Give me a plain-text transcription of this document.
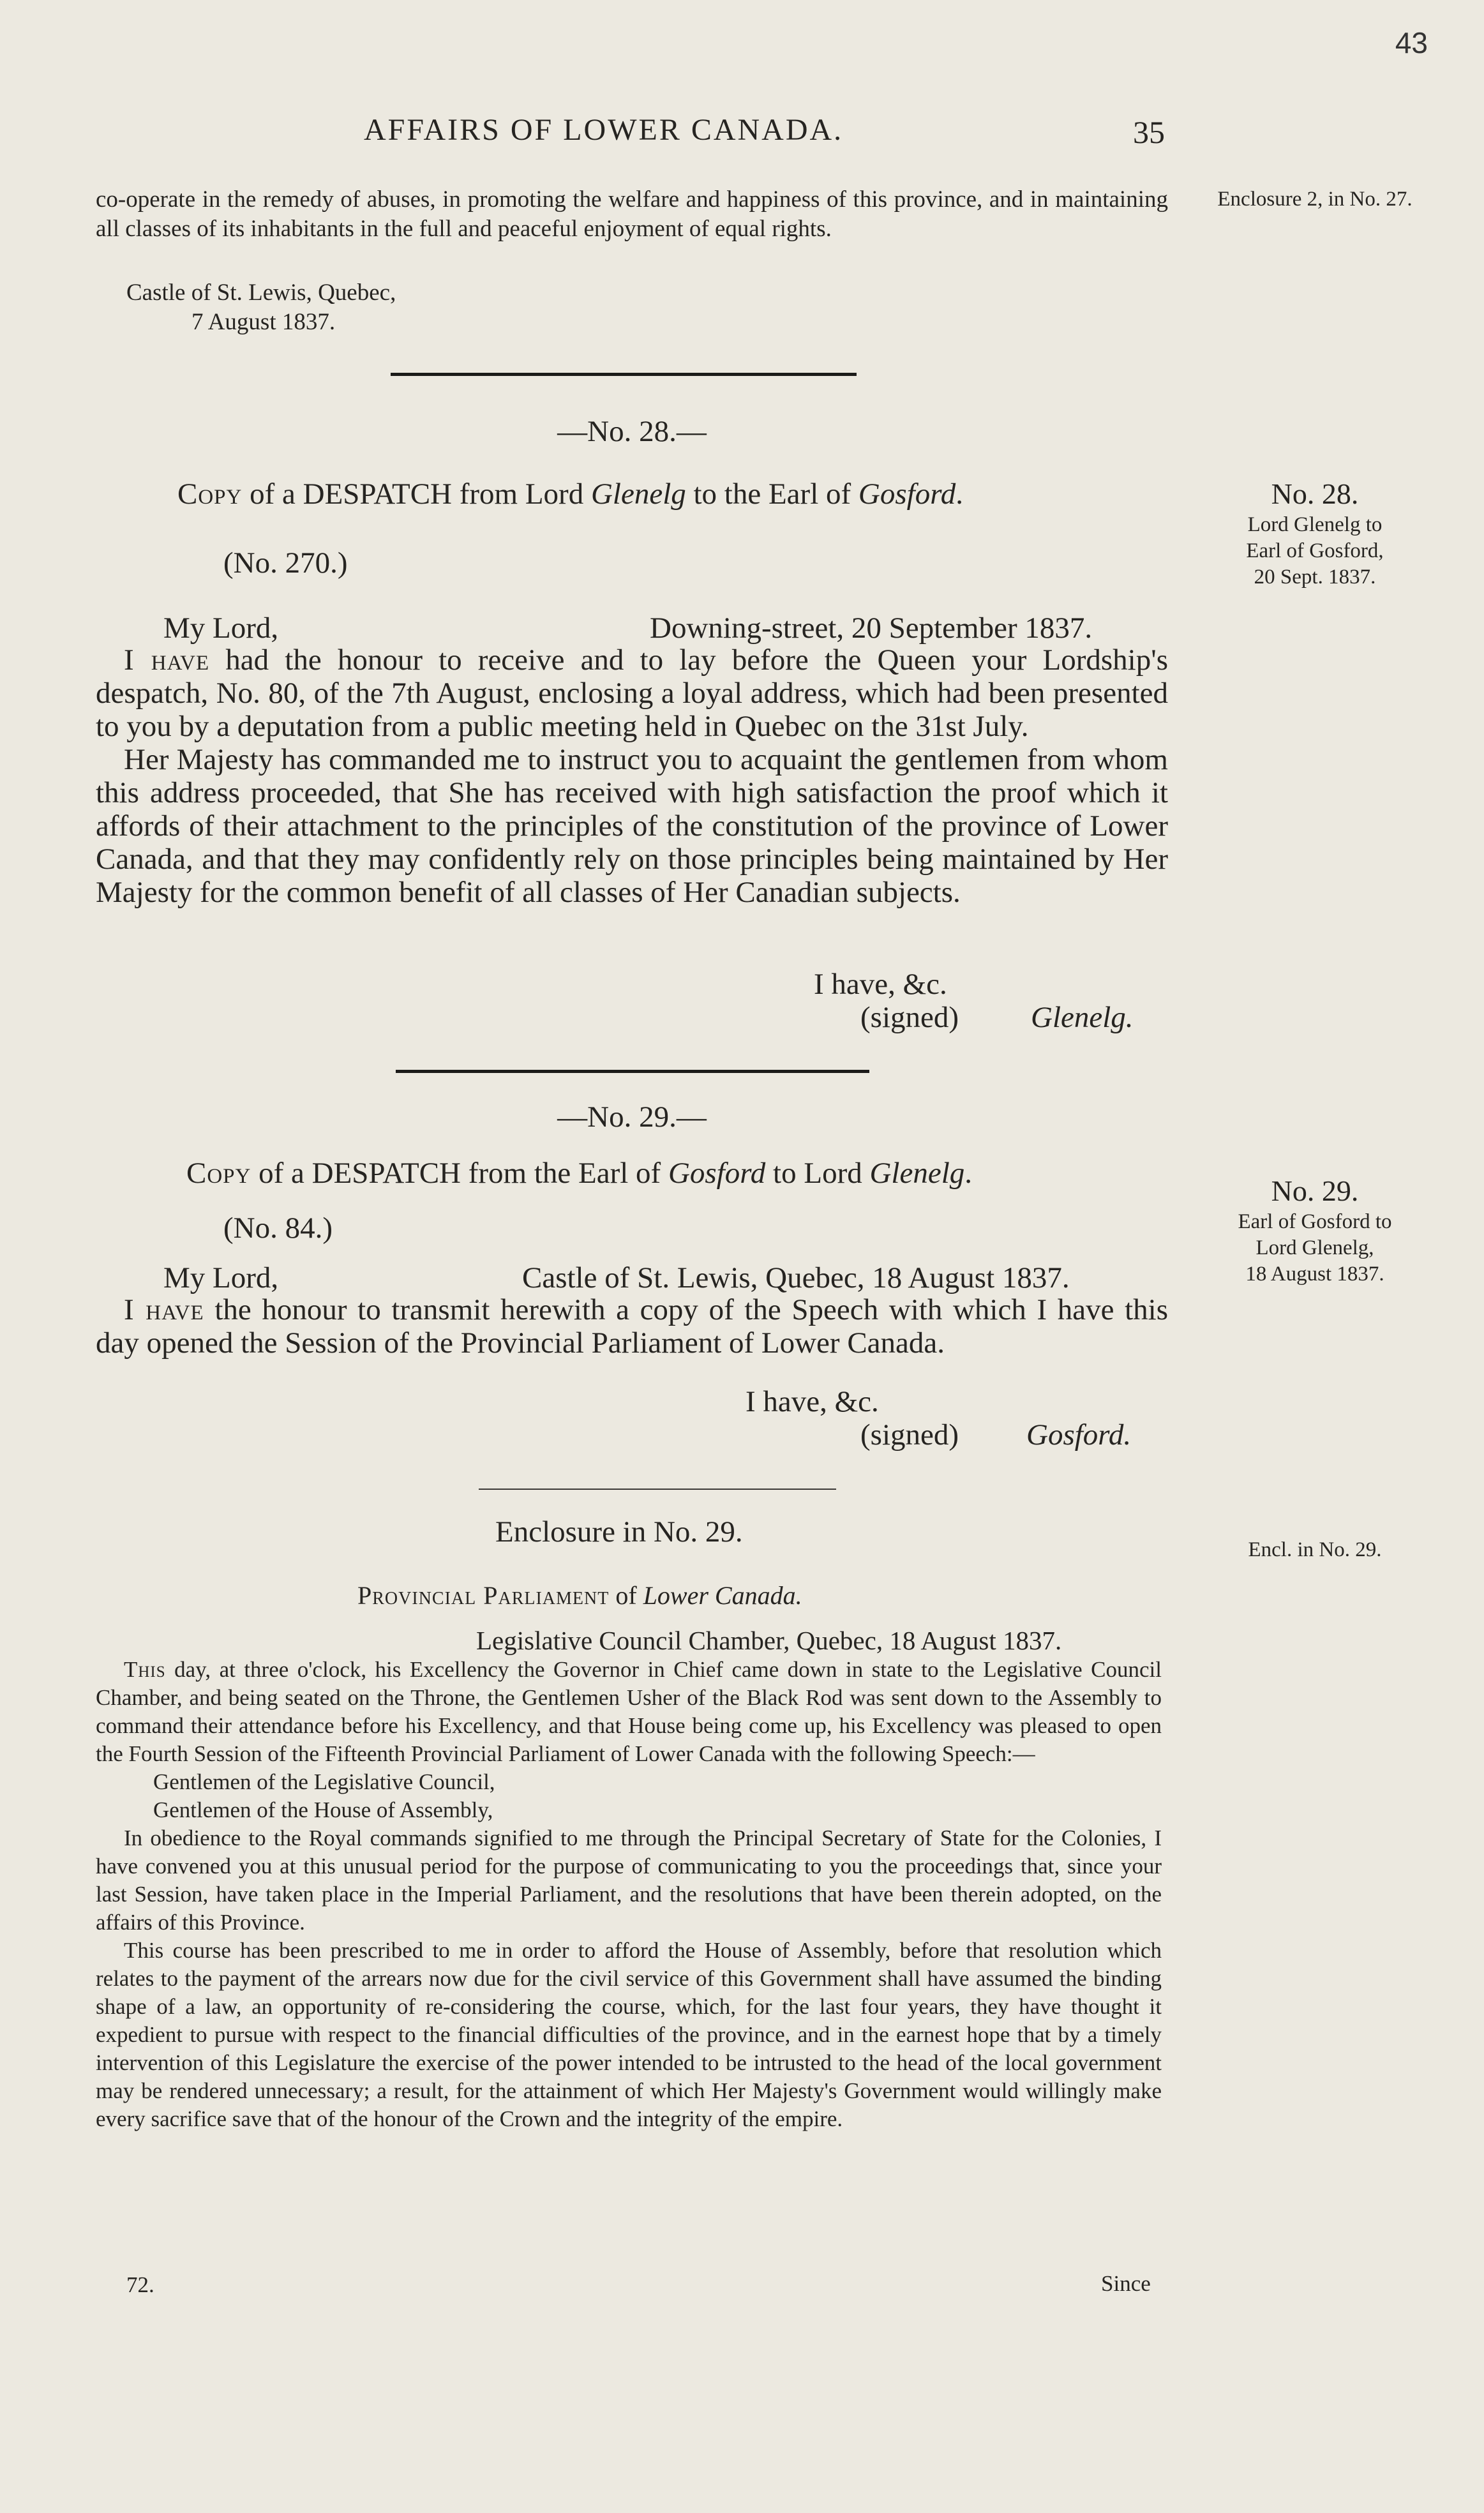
43
AFFAIRS OF LOWER CANADA.	35

co-operate in the remedy of abuses, in promoting the welfare and happiness of this province, and in maintaining all classes of its inhabitants in the full and peaceful enjoyment of equal rights.

Castle of St. Lewis, Quebec,
7 August 1837.
Enclosure 2, in No. 27.
—No. 28.—
Copy of a DESPATCH from Lord Glenelg to the Earl of Gosford.
(No. 270.)
My Lord,	Downing-street, 20 September 1837.

I have had the honour to receive and to lay before the Queen your Lordship's despatch, No. 80, of the 7th August, enclosing a loyal address, which had been presented to you by a deputation from a public meeting held in Quebec on the 31st July.

Her Majesty has commanded me to instruct you to acquaint the gentlemen from whom this address proceeded, that She has received with high satisfaction the proof which it affords of their attachment to the principles of the constitution of the province of Lower Canada, and that they may confidently rely on those principles being maintained by Her Majesty for the common benefit of all classes of Her Canadian subjects.

I have, &c.
(signed) Glenelg.
No. 28.
Lord Glenelg to
Earl of Gosford,
20 Sept. 1837.
—No. 29.—
Copy of a DESPATCH from the Earl of Gosford to Lord Glenelg.
(No. 84.)
My Lord,	Castle of St. Lewis, Quebec, 18 August 1837.

I have the honour to transmit herewith a copy of the Speech with which I have this day opened the Session of the Provincial Parliament of Lower Canada.

I have, &c.
(signed) Gosford.
No. 29.
Earl of Gosford to
Lord Glenelg,
18 August 1837.
Enclosure in No. 29.
Encl. in No. 29.
Provincial Parliament of Lower Canada.
Legislative Council Chamber, Quebec, 18 August 1837.

This day, at three o'clock, his Excellency the Governor in Chief came down in state to the Legislative Council Chamber, and being seated on the Throne, the Gentlemen Usher of the Black Rod was sent down to the Assembly to command their attendance before his Excellency, and that House being come up, his Excellency was pleased to open the Fourth Session of the Fifteenth Provincial Parliament of Lower Canada with the following Speech:—

Gentlemen of the Legislative Council,

Gentlemen of the House of Assembly,

In obedience to the Royal commands signified to me through the Principal Secretary of State for the Colonies, I have convened you at this unusual period for the purpose of communicating to you the proceedings that, since your last Session, have taken place in the Imperial Parliament, and the resolutions that have been therein adopted, on the affairs of this Province.

This course has been prescribed to me in order to afford the House of Assembly, before that resolution which relates to the payment of the arrears now due for the civil service of this Government shall have assumed the binding shape of a law, an opportunity of re-considering the course, which, for the last four years, they have thought it expedient to pursue with respect to the financial difficulties of the province, and in the earnest hope that by a timely intervention of this Legislature the exercise of the power intended to be intrusted to the head of the local government may be rendered unnecessary; a result, for the attainment of which Her Majesty's Government would willingly make every sacrifice save that of the honour of the Crown and the integrity of the empire.

72.	Since
